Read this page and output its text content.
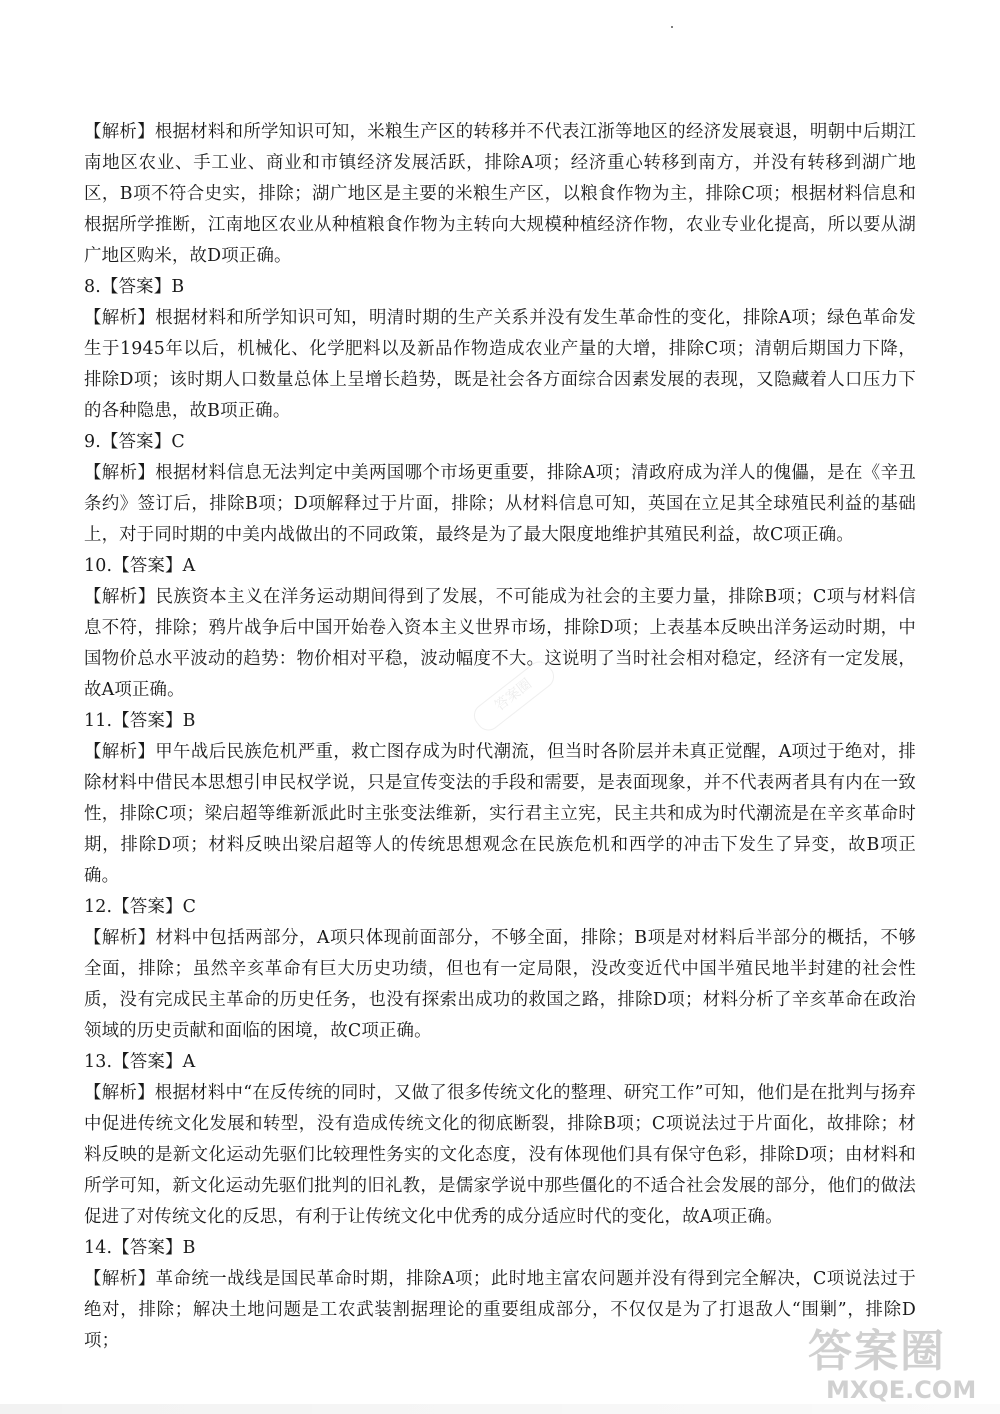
【解析】根据材料和所学知识可知，米粮生产区的转移并不代表江浙等地区的经济发展衰退，明朝中后期江南地区农业、手工业、商业和市镇经济发展活跃，排除A项；经济重心转移到南方，并没有转移到湖广地区，B项不符合史实，排除；湖广地区是主要的米粮生产区，以粮食作物为主，排除C项；根据材料信息和根据所学推断，江南地区农业从种植粮食作物为主转向大规模种植经济作物，农业专业化提高，所以要从湖广地区购米，故D项正确。

8.【答案】B

【解析】根据材料和所学知识可知，明清时期的生产关系并没有发生革命性的变化，排除A项；绿色革命发生于1945年以后，机械化、化学肥料以及新品作物造成农业产量的大增，排除C项；清朝后期国力下降，排除D项；该时期人口数量总体上呈增长趋势，既是社会各方面综合因素发展的表现，又隐藏着人口压力下的各种隐患，故B项正确。

9.【答案】C

【解析】根据材料信息无法判定中美两国哪个市场更重要，排除A项；清政府成为洋人的傀儡，是在《辛丑条约》签订后，排除B项；D项解释过于片面，排除；从材料信息可知，英国在立足其全球殖民利益的基础上，对于同时期的中美内战做出的不同政策，最终是为了最大限度地维护其殖民利益，故C项正确。

10.【答案】A

【解析】民族资本主义在洋务运动期间得到了发展，不可能成为社会的主要力量，排除B项；C项与材料信息不符，排除；鸦片战争后中国开始卷入资本主义世界市场，排除D项；上表基本反映出洋务运动时期，中国物价总水平波动的趋势：物价相对平稳，波动幅度不大。这说明了当时社会相对稳定，经济有一定发展，故A项正确。

11.【答案】B

【解析】甲午战后民族危机严重，救亡图存成为时代潮流，但当时各阶层并未真正觉醒，A项过于绝对，排除材料中借民本思想引申民权学说，只是宣传变法的手段和需要，是表面现象，并不代表两者具有内在一致性，排除C项；梁启超等维新派此时主张变法维新，实行君主立宪，民主共和成为时代潮流是在辛亥革命时期，排除D项；材料反映出梁启超等人的传统思想观念在民族危机和西学的冲击下发生了异变，故B项正确。

12.【答案】C

【解析】材料中包括两部分，A项只体现前面部分，不够全面，排除；B项是对材料后半部分的概括，不够全面，排除；虽然辛亥革命有巨大历史功绩，但也有一定局限，没改变近代中国半殖民地半封建的社会性质，没有完成民主革命的历史任务，也没有探索出成功的救国之路，排除D项；材料分析了辛亥革命在政治领域的历史贡献和面临的困境，故C项正确。

13.【答案】A

【解析】根据材料中“在反传统的同时，又做了很多传统文化的整理、研究工作”可知，他们是在批判与扬弃中促进传统文化发展和转型，没有造成传统文化的彻底断裂，排除B项；C项说法过于片面化，故排除；材料反映的是新文化运动先驱们比较理性务实的文化态度，没有体现他们具有保守色彩，排除D项；由材料和所学可知，新文化运动先驱们批判的旧礼教，是儒家学说中那些僵化的不适合社会发展的部分，他们的做法促进了对传统文化的反思，有利于让传统文化中优秀的成分适应时代的变化，故A项正确。

14.【答案】B

【解析】革命统一战线是国民革命时期，排除A项；此时地主富农问题并没有得到完全解决，C项说法过于绝对，排除；解决土地问题是工农武装割据理论的重要组成部分，不仅仅是为了打退敌人“围剿”，排除D项；

答案圈
答案圈
MXQE.COM
